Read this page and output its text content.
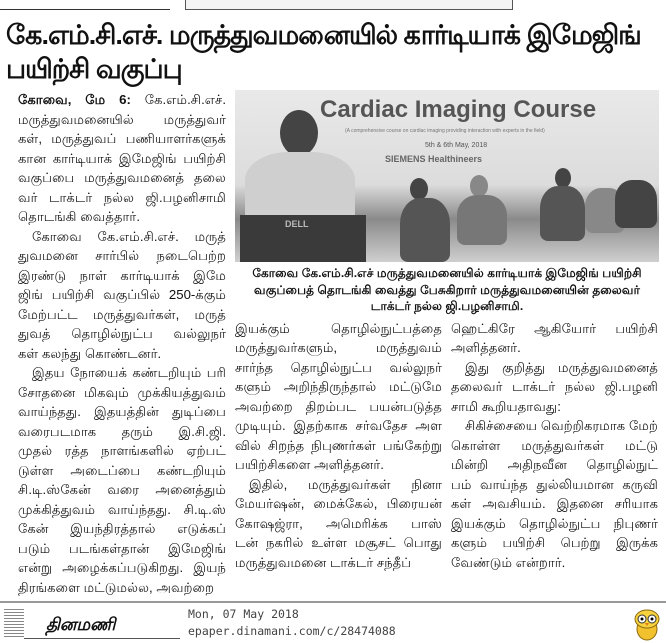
கே.எம்.சி.எச். மருத்துவமனையில் கார்டியாக் இமேஜிங் பயிற்சி வகுப்பு
கோவை, மே 6: கே.எம்.சி.எச்.
மருத்துவமனையில் மருத்துவர்
கள், மருத்துவப் பணியாளர்களுக்
கான கார்டியாக் இமேஜிங் பயிற்சி
வகுப்பை மருத்துவமனைத் தலை
வர் டாக்டர் நல்ல ஜி.பழனிசாமி
தொடங்கி வைத்தார்.
கோவை கே.எம்.சி.எச். மருத்
துவமனை சார்பில் நடைபெற்ற
இரண்டு நாள் கார்டியாக் இமே
ஜிங் பயிற்சி வகுப்பில் 250-க்கும்
மேற்பட்ட மருத்துவர்கள், மருத்
துவத் தொழில்நுட்ப வல்லுநர்
கள் கலந்து கொண்டனர்.
இதய நோயைக் கண்டறியும் பரி
சோதனை மிகவும் முக்கியத்துவம்
வாய்ந்தது. இதயத்தின் துடிப்பை
வரைபடமாக தரும் இ.சி.ஜி.
முதல் ரத்த நாளங்களில் ஏற்பட்
டுள்ள அடைப்பை கண்டறியும்
சி.டி.ஸ்கேன் வரை அனைத்தும்
முக்கித்துவம் வாய்ந்தது. சி.டி.ஸ்
கேன் இயந்திரத்தால் எடுக்கப்
படும் படங்கள்தான் இமேஜிங்
என்று அழைக்கப்படுகிறது. இயந்
திரங்களை மட்டுமல்ல, அவற்றை
Cardiac Imaging Course
(A comprehensive course on cardiac imaging providing interaction with experts in the field)
5th & 6th May, 2018
DELL
SIEMENS Healthineers
கோவை கே.எம்.சி.எச் மருத்துவமனையில் கார்டியாக் இமேஜிங் பயிற்சி வகுப்பைத் தொடங்கி வைத்து பேசுகிறார் மருத்துவமனையின் தலைவர் டாக்டர் நல்ல ஜி.பழனிசாமி.
இயக்கும் தொழில்நுட்பத்தை
மருத்துவர்களும், மருத்துவம்
சார்ந்த தொழில்நுட்ப வல்லுநர்
களும் அறிந்திருந்தால் மட்டுமே
அவற்றை திறம்பட பயன்படுத்த
முடியும். இதற்காக சர்வதேச அள
வில் சிறந்த நிபுணர்கள் பங்கேற்று
பயிற்சிகளை அளித்தனர்.
இதில், மருத்துவர்கள் நினா
மேயர்ஷன், மைக்கேல், பிரையன்
கோஷஜ்ரா, அமெரிக்க பாஸ்
டன் நகரில் உள்ள மசூசட் பொது
மருத்துவமனை டாக்டர் சந்தீப்
ஹெட்கிரே ஆகியோர் பயிற்சி
அளித்தனர்.
இது குறித்து மருத்துவமனைத்
தலைவர் டாக்டர் நல்ல ஜி.பழனி
சாமி கூறியதாவது:
சிகிச்சையை வெற்றிகரமாக மேற்
கொள்ள மருத்துவர்கள் மட்டு
மின்றி அதிநவீன தொழில்நுட்
பம் வாய்ந்த துல்லியமான கருவி
கள் அவசியம். இதனை சரியாக
இயக்கும் தொழில்நுட்ப நிபுணர்
களும் பயிற்சி பெற்று இருக்க
வேண்டும் என்றார்.
தினமணி
Mon, 07 May 2018
epaper.dinamani.com/c/28474088
